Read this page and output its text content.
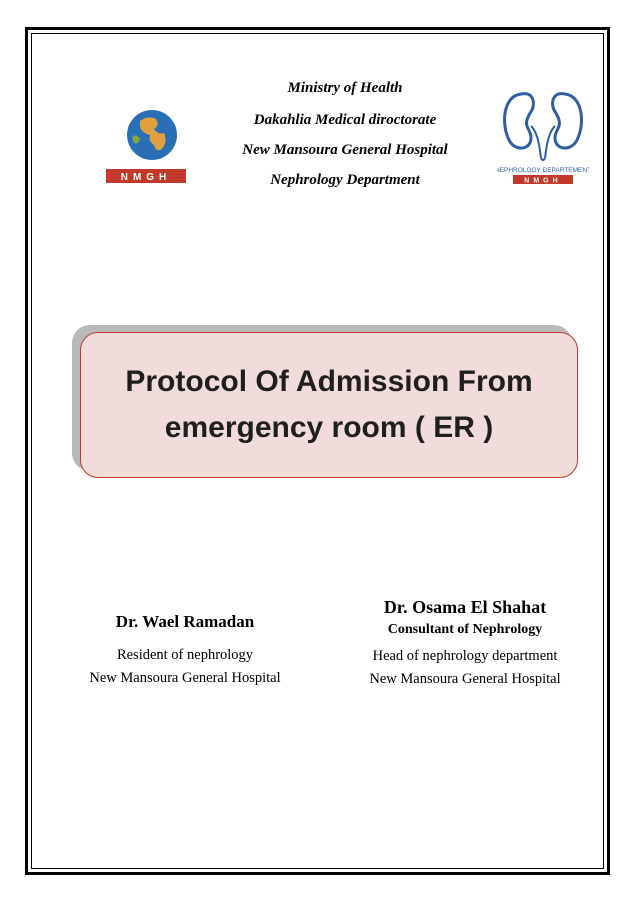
Ministry of Health
Dakahlia Medical diroctorate
New Mansoura General Hospital
Nephrology Department
NMGH
NEPHROLOGY DEPARTEMENT
NMGH
Protocol Of Admission From
emergency room ( ER )
Dr. Wael Ramadan
Resident of nephrology
New Mansoura General Hospital
Dr. Osama El Shahat
Consultant of Nephrology
Head of nephrology department
New Mansoura General Hospital
